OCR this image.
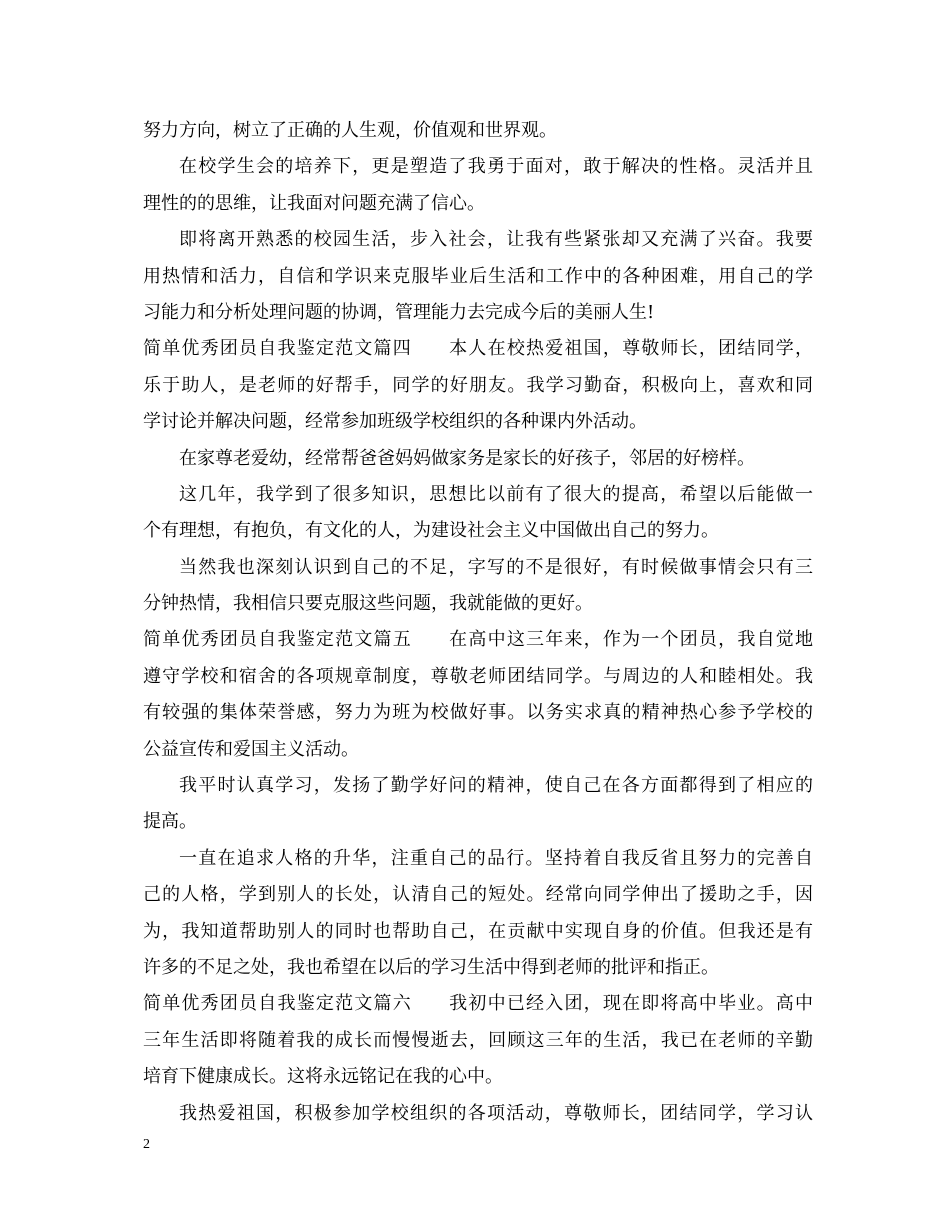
努力方向，树立了正确的人生观，价值观和世界观。
在校学生会的培养下，更是塑造了我勇于面对，敢于解决的性格。灵活并且
理性的的思维，让我面对问题充满了信心。
即将离开熟悉的校园生活，步入社会，让我有些紧张却又充满了兴奋。我要
用热情和活力，自信和学识来克服毕业后生活和工作中的各种困难，用自己的学
习能力和分析处理问题的协调，管理能力去完成今后的美丽人生!
简单优秀团员自我鉴定范文篇四 本人在校热爱祖国，尊敬师长，团结同学，
乐于助人，是老师的好帮手，同学的好朋友。我学习勤奋，积极向上，喜欢和同
学讨论并解决问题，经常参加班级学校组织的各种课内外活动。
在家尊老爱幼，经常帮爸爸妈妈做家务是家长的好孩子，邻居的好榜样。
这几年，我学到了很多知识，思想比以前有了很大的提高，希望以后能做一
个有理想，有抱负，有文化的人，为建设社会主义中国做出自己的努力。
当然我也深刻认识到自己的不足，字写的不是很好，有时候做事情会只有三
分钟热情，我相信只要克服这些问题，我就能做的更好。
简单优秀团员自我鉴定范文篇五 在高中这三年来，作为一个团员，我自觉地
遵守学校和宿舍的各项规章制度，尊敬老师团结同学。与周边的人和睦相处。我
有较强的集体荣誉感，努力为班为校做好事。以务实求真的精神热心参予学校的
公益宣传和爱国主义活动。
我平时认真学习，发扬了勤学好问的精神，使自己在各方面都得到了相应的
提高。
一直在追求人格的升华，注重自己的品行。坚持着自我反省且努力的完善自
己的人格，学到别人的长处，认清自己的短处。经常向同学伸出了援助之手，因
为，我知道帮助别人的同时也帮助自己，在贡献中实现自身的价值。但我还是有
许多的不足之处，我也希望在以后的学习生活中得到老师的批评和指正。
简单优秀团员自我鉴定范文篇六 我初中已经入团，现在即将高中毕业。高中
三年生活即将随着我的成长而慢慢逝去，回顾这三年的生活，我已在老师的辛勤
培育下健康成长。这将永远铭记在我的心中。
我热爱祖国，积极参加学校组织的各项活动，尊敬师长，团结同学，学习认
2
